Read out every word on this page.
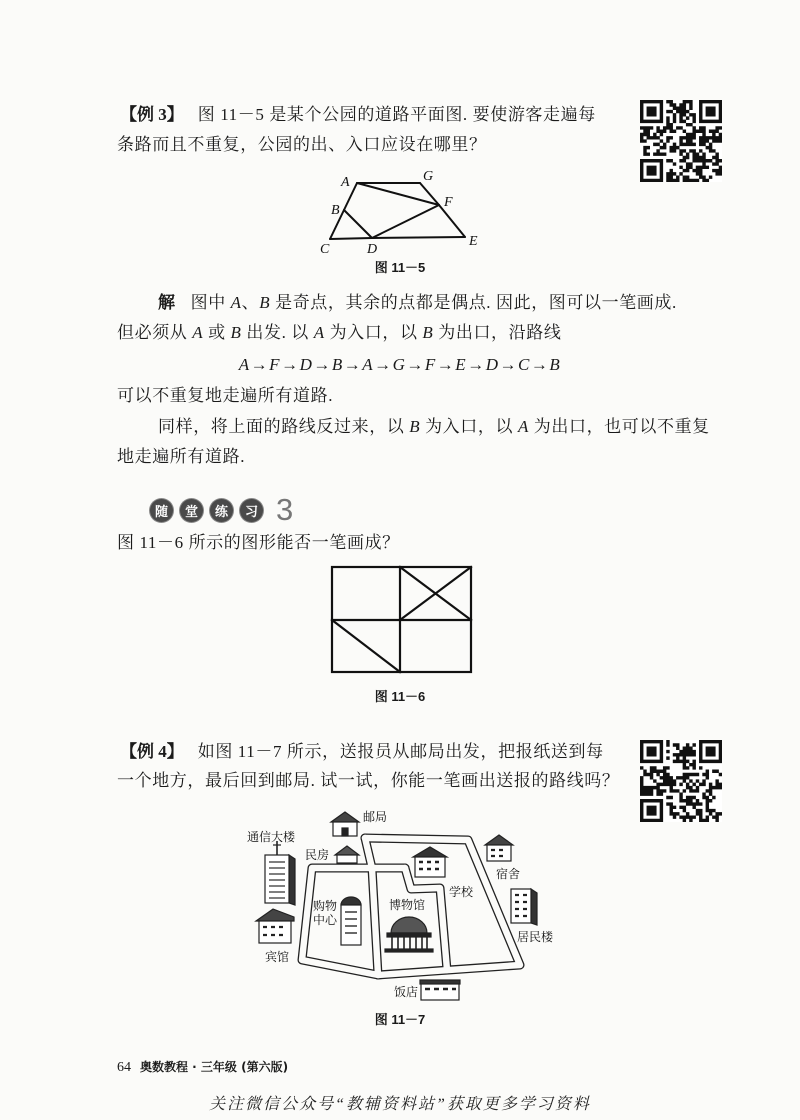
【例 3】 图 11－5 是某个公园的道路平面图. 要使游客走遍每
条路而且不重复，公园的出、入口应设在哪里？
A	G
B
F
C	D
E
图 11－5
解 图中 A、B 是奇点，其余的点都是偶点. 因此，图可以一笔画成.
但必须从 A 或 B 出发. 以 A 为入口，以 B 为出口，沿路线
A→F→D→B→A→G→F→E→D→C→B
可以不重复地走遍所有道路.
同样，将上面的路线反过来，以 B 为入口，以 A 为出口，也可以不重复
地走遍所有道路.
随	堂	练	习 3
图 11－6 所示的图形能否一笔画成？
图 11－6
【例 4】 如图 11－7 所示，送报员从邮局出发，把报纸送到每
一个地方，最后回到邮局. 试一试，你能一笔画出送报的路线吗？
邮局
通信大楼
民房
学校
宿舍
购物中心
博物馆
居民楼
宾馆
饭店
图 11－7
64 奥数教程 · 三年级 (第六版)
关注微信公众号“教辅资料站”获取更多学习资料
